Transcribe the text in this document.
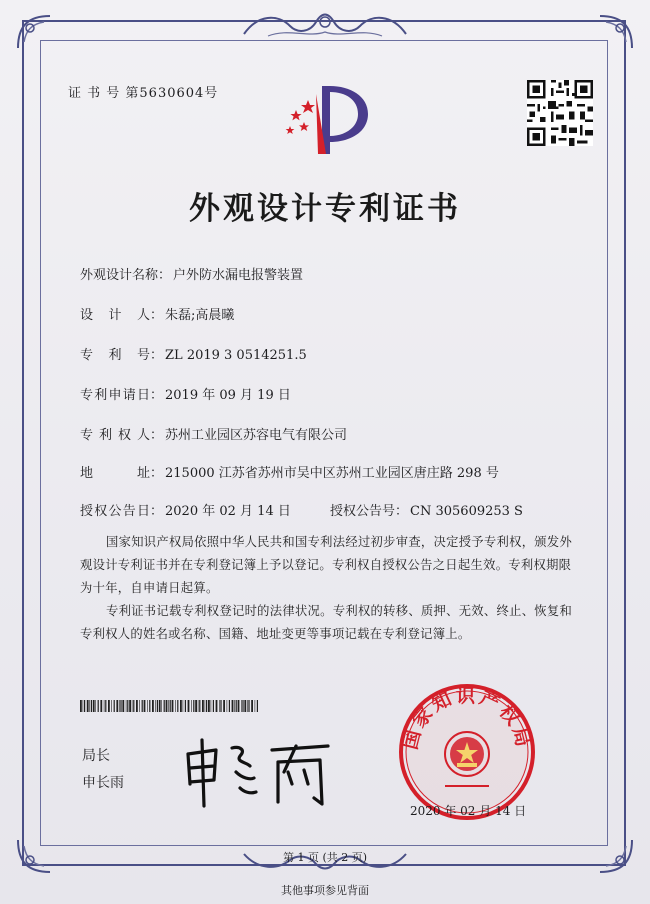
证 书 号 第5630604号
外观设计专利证书
外观设计名称： 户外防水漏电报警装置
设计人： 朱磊;高晨曦
专利号： ZL 2019 3 0514251.5
专利申请日： 2019 年 09 月 19 日
专利权人： 苏州工业园区苏容电气有限公司
地址： 215000 江苏省苏州市吴中区苏州工业园区唐庄路 298 号
授权公告日： 2020 年 02 月 14 日	授权公告号： CN 305609253 S
国家知识产权局依照中华人民共和国专利法经过初步审查，决定授予专利权，颁发外观设计专利证书并在专利登记簿上予以登记。专利权自授权公告之日起生效。专利权期限为十年，自申请日起算。
专利证书记载专利权登记时的法律状况。专利权的转移、质押、无效、终止、恢复和专利权人的姓名或名称、国籍、地址变更等事项记载在专利登记簿上。
局长
申长雨
国家知识产权局
2020 年 02 月 14 日
第 1 页 (共 2 页)
其他事项参见背面
